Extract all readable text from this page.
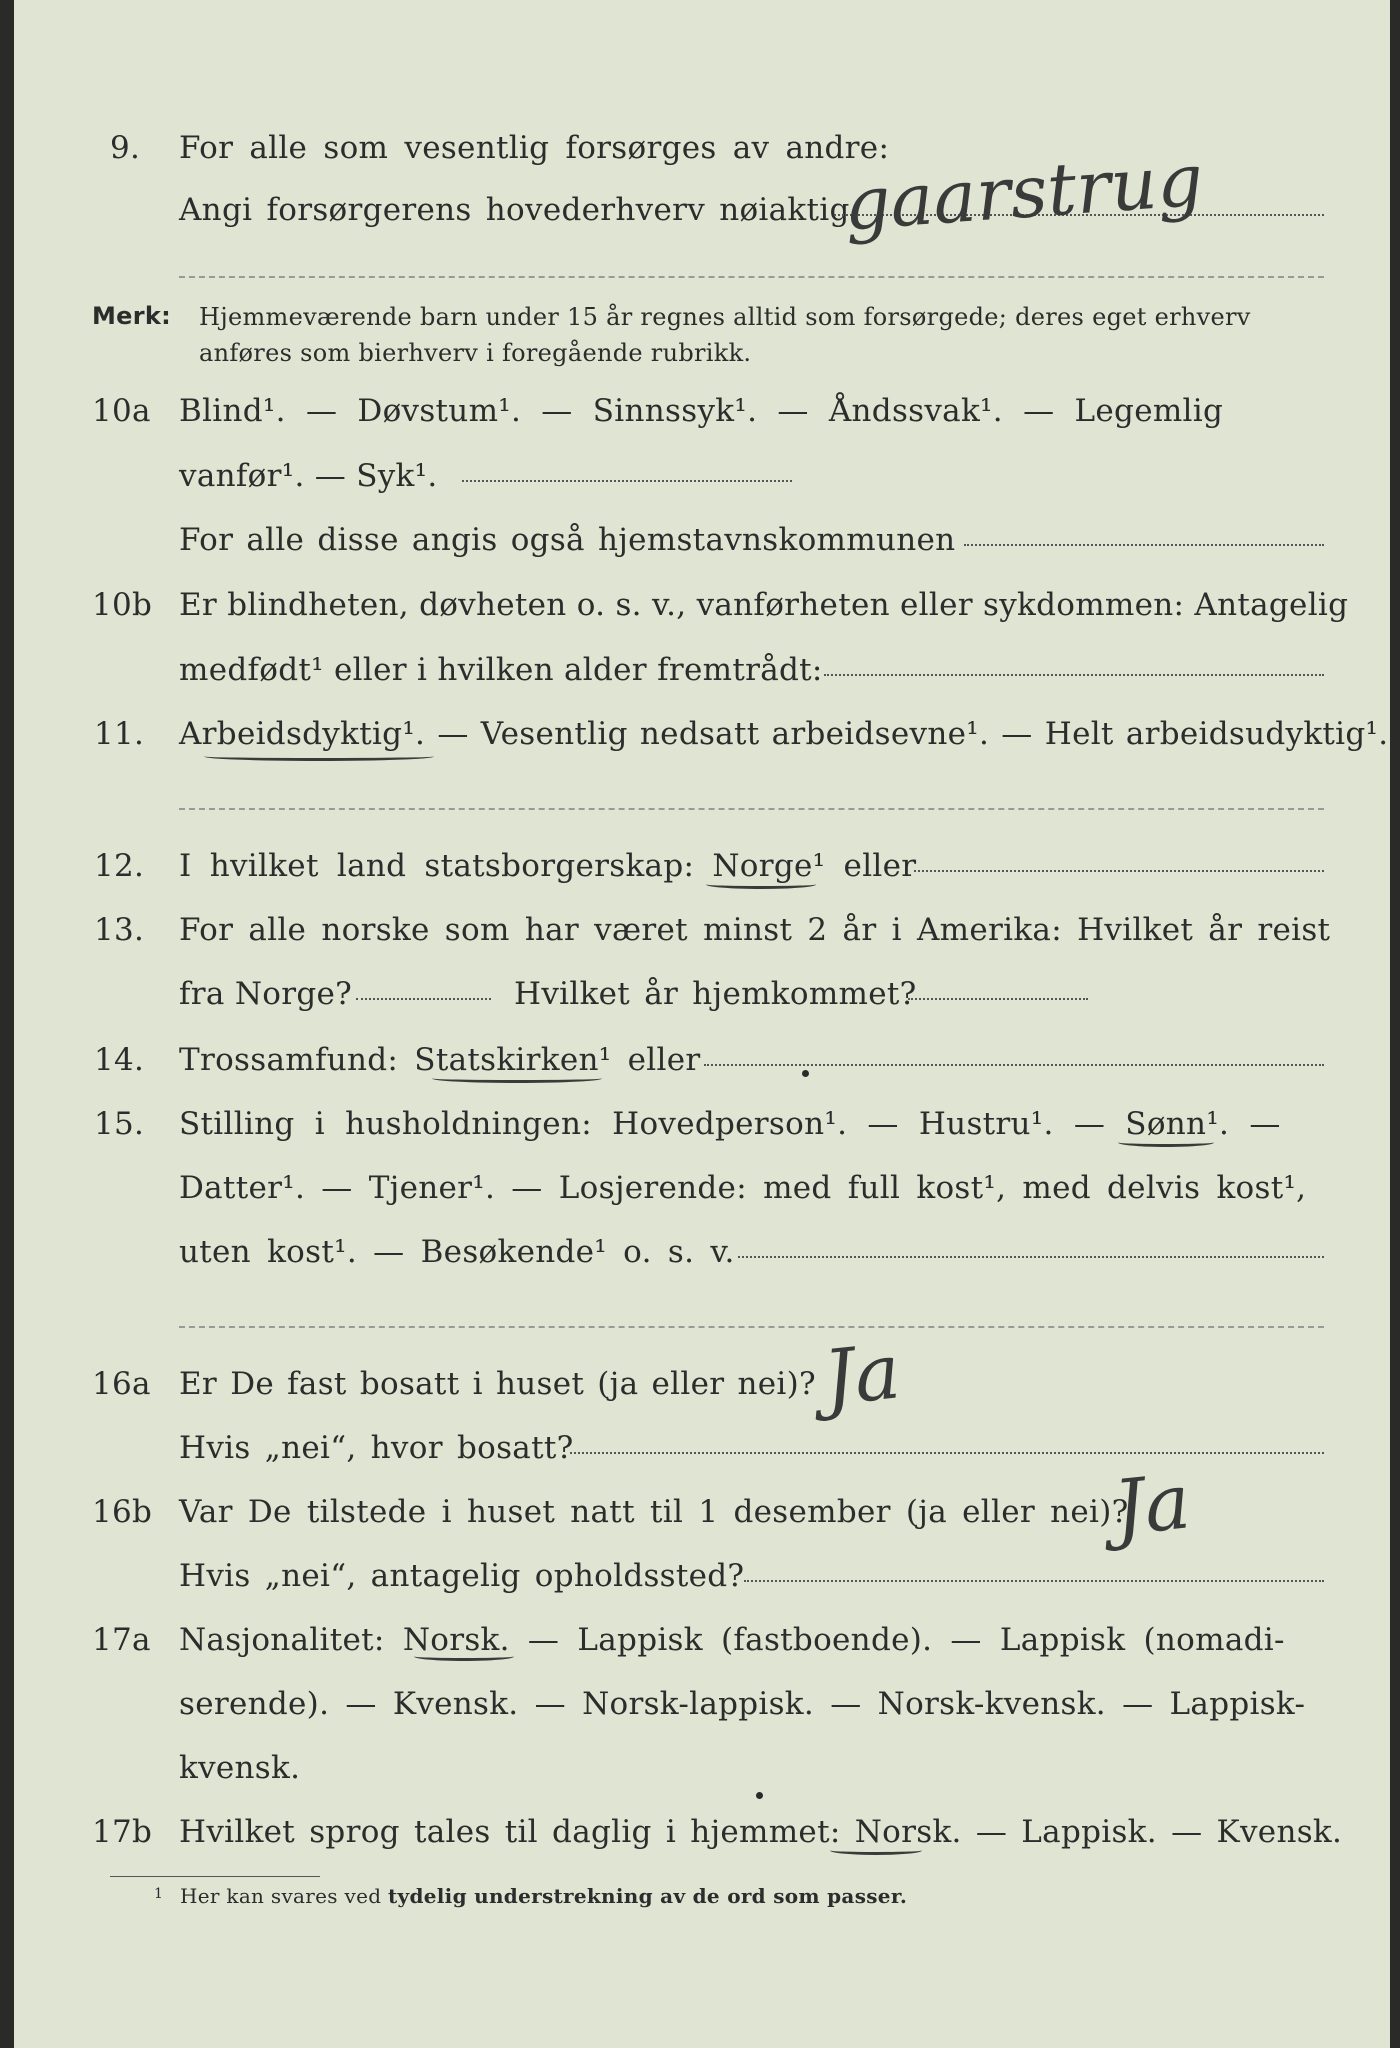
9. For alle som vesentlig forsørges av andre:
Angi forsørgerens hovederhverv nøiaktig
gaarstrug
Merk: Hjemmeværende barn under 15 år regnes alltid som forsørgede; deres eget erhverv
anføres som bierhverv i foregående rubrikk.
10a Blind¹. — Døvstum¹. — Sinnssyk¹. — Åndssvak¹. — Legemlig
vanfør¹. — Syk¹.
For alle disse angis også hjemstavnskommunen
10b Er blindheten, døvheten o. s. v., vanførheten eller sykdommen: Antagelig
medfødt¹ eller i hvilken alder fremtrådt:
11. Arbeidsdyktig¹. — Vesentlig nedsatt arbeidsevne¹. — Helt arbeidsudyktig¹.
12. I hvilket land statsborgerskap: Norge¹ eller
13. For alle norske som har været minst 2 år i Amerika: Hvilket år reist
fra Norge?	Hvilket år hjemkommet?
14. Trossamfund: Statskirken¹ eller
15. Stilling i husholdningen: Hovedperson¹. — Hustru¹. — Sønn¹. —
Datter¹. — Tjener¹. — Losjerende: med full kost¹, med delvis kost¹,
uten kost¹. — Besøkende¹ o. s. v.
16a Er De fast bosatt i huset (ja eller nei)? Ja
Hvis „nei“, hvor bosatt?
16b Var De tilstede i huset natt til 1 desember (ja eller nei)?
Ja
Hvis „nei“, antagelig opholdssted?
17a Nasjonalitet: Norsk. — Lappisk (fastboende). — Lappisk (nomadi-
serende). — Kvensk. — Norsk-lappisk. — Norsk-kvensk. — Lappisk-
kvensk.
17b Hvilket sprog tales til daglig i hjemmet: Norsk. — Lappisk. — Kvensk.
1 Her kan svares ved tydelig understrekning av de ord som passer.
